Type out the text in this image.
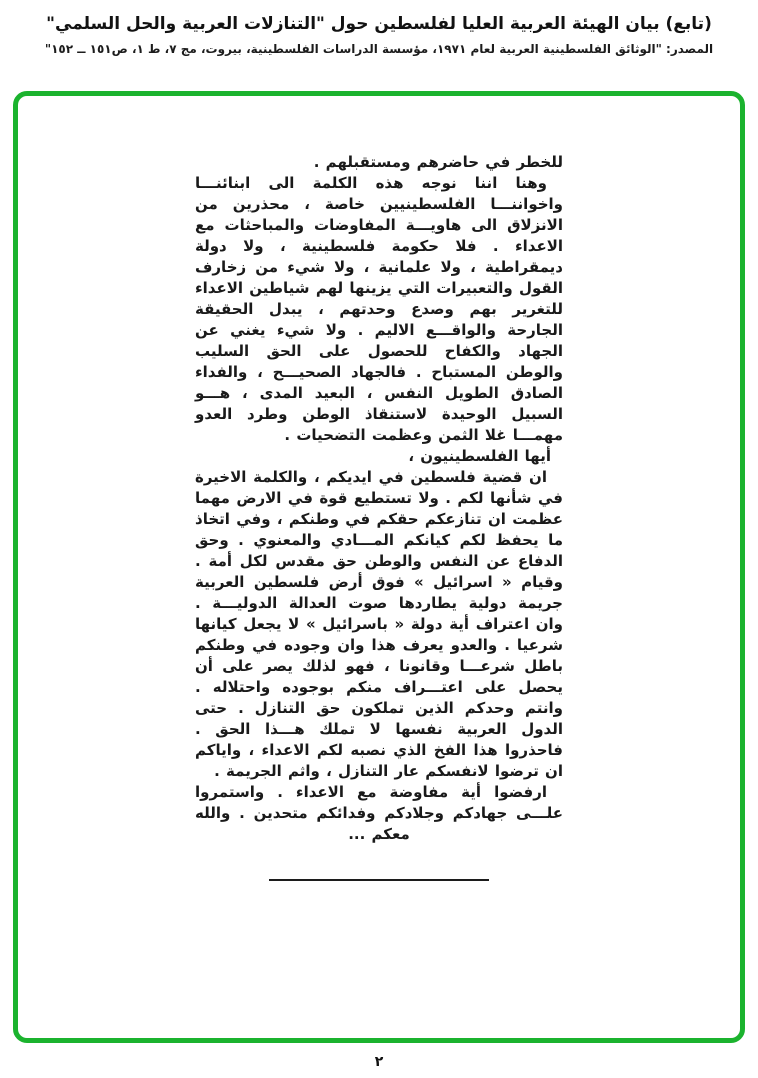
(تابع) بيان الهيئة العربية العليا لفلسطين حول "التنازلات العربية والحل السلمي"
المصدر: "الوثائق الفلسطينية العربية لعام ١٩٧١، مؤسسة الدراسات الفلسطينية، بيروت، مج ٧، ط ١، ص١٥١ ــ ١٥٢"

للخطر في حاضرهم ومستقبلهم .

وهنا اننا نوجه هذه الكلمة الى ابنائنـــا واخواننـــا الفلسطينيين خاصة ، محذرين من الانزلاق الى هاويـــة المفاوضات والمباحثات مع الاعداء . فلا حكومة فلسطينية ، ولا دولة ديمقراطية ، ولا علمانية ، ولا شيء من زخارف القول والتعبيرات التي يزينها لهم شياطين الاعداء للتغرير بهم وصدع وحدتهم ، يبدل الحقيقة الجارحة والواقـــع الاليم . ولا شيء يغني عن الجهاد والكفاح للحصول على الحق السليب والوطن المستباح . فالجهاد الصحيـــح ، والفداء الصادق الطويل النفس ، البعيد المدى ، هـــو السبيل الوحيدة لاستنقاذ الوطن وطرد العدو مهمـــا غلا الثمن وعظمت التضحيات .

أيها الفلسطينيون ،

ان قضية فلسطين في ايديكم ، والكلمة الاخيرة في شأنها لكم . ولا تستطيع قوة في الارض مهما عظمت ان تنازعكم حقكم في وطنكم ، وفي اتخاذ ما يحفظ لكم كيانكم المـــادي والمعنوي . وحق الدفاع عن النفس والوطن حق مقدس لكل أمة . وقيام « اسرائيل » فوق أرض فلسطين العربية جريمة دولية يطاردها صوت العدالة الدوليـــة . وان اعتراف أية دولة « باسرائيل » لا يجعل كيانها شرعيا . والعدو يعرف هذا وان وجوده في وطنكم باطل شرعـــا وقانونا ، فهو لذلك يصر على أن يحصل على اعتـــراف منكم بوجوده واحتلاله . وانتم وحدكم الذين تملكون حق التنازل . حتى الدول العربية نفسها لا تملك هـــذا الحق . فاحذروا هذا الفخ الذي نصبه لكم الاعداء ، واياكم ان ترضوا لانفسكم عار التنازل ، واثم الجريمة .

ارفضوا أية مفاوضة مع الاعداء . واستمروا علـــى جهادكم وجلادكم وفدائكم متحدين . والله معكم ...

٢
